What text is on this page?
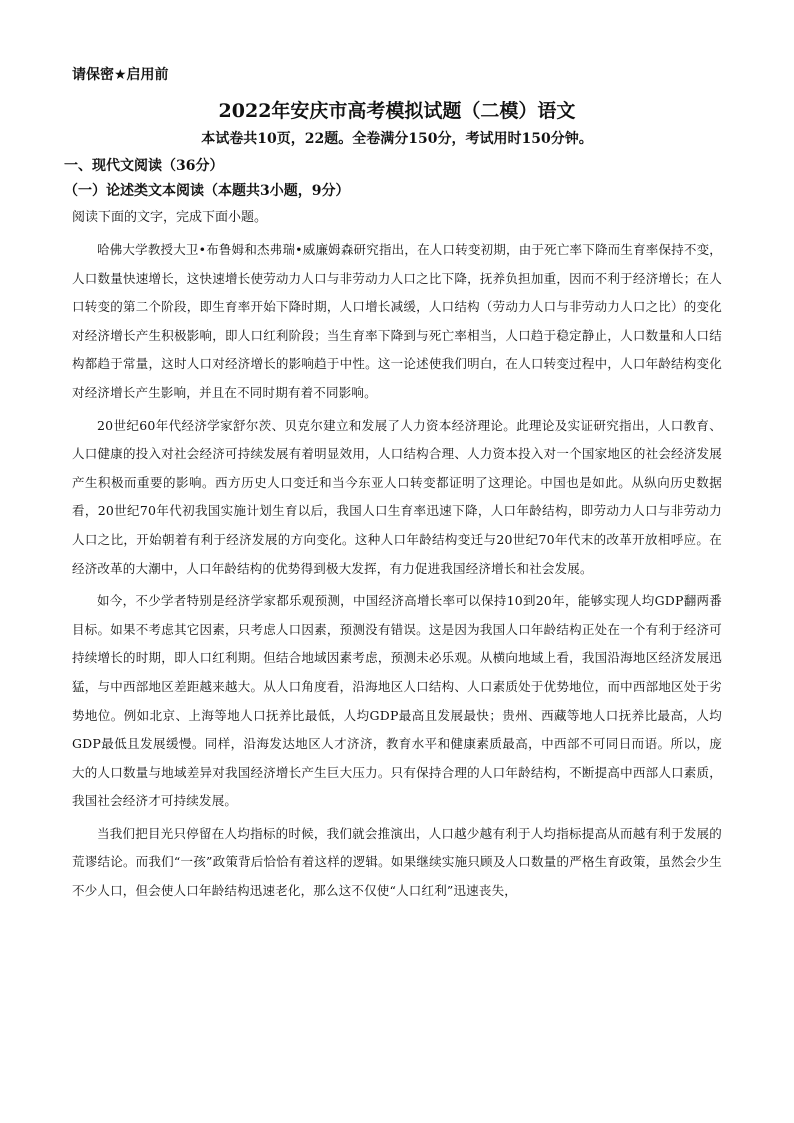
请保密★启用前
2022年安庆市高考模拟试题（二模）语文
本试卷共10页，22题。全卷满分150分，考试用时150分钟。
一、现代文阅读（36分）
（一）论述类文本阅读（本题共3小题，9分）
阅读下面的文字，完成下面小题。

哈佛大学教授大卫•布鲁姆和杰弗瑞•威廉姆森研究指出，在人口转变初期，由于死亡率下降而生育率保持不变，人口数量快速增长，这快速增长使劳动力人口与非劳动力人口之比下降，抚养负担加重，因而不利于经济增长；在人口转变的第二个阶段，即生育率开始下降时期，人口增长减缓，人口结构（劳动力人口与非劳动力人口之比）的变化对经济增长产生积极影响，即人口红利阶段；当生育率下降到与死亡率相当，人口趋于稳定静止，人口数量和人口结构都趋于常量，这时人口对经济增长的影响趋于中性。这一论述使我们明白，在人口转变过程中，人口年龄结构变化对经济增长产生影响，并且在不同时期有着不同影响。

20世纪60年代经济学家舒尔茨、贝克尔建立和发展了人力资本经济理论。此理论及实证研究指出，人口教育、人口健康的投入对社会经济可持续发展有着明显效用，人口结构合理、人力资本投入对一个国家地区的社会经济发展产生积极而重要的影响。西方历史人口变迁和当今东亚人口转变都证明了这理论。中国也是如此。从纵向历史数据看，20世纪70年代初我国实施计划生育以后，我国人口生育率迅速下降，人口年龄结构，即劳动力人口与非劳动力人口之比，开始朝着有利于经济发展的方向变化。这种人口年龄结构变迁与20世纪70年代末的改革开放相呼应。在经济改革的大潮中，人口年龄结构的优势得到极大发挥，有力促进我国经济增长和社会发展。

如今，不少学者特别是经济学家都乐观预测，中国经济高增长率可以保持10到20年，能够实现人均GDP翻两番目标。如果不考虑其它因素，只考虑人口因素，预测没有错误。这是因为我国人口年龄结构正处在一个有利于经济可持续增长的时期，即人口红利期。但结合地域因素考虑，预测未必乐观。从横向地域上看，我国沿海地区经济发展迅猛，与中西部地区差距越来越大。从人口角度看，沿海地区人口结构、人口素质处于优势地位，而中西部地区处于劣势地位。例如北京、上海等地人口抚养比最低，人均GDP最高且发展最快；贵州、西藏等地人口抚养比最高，人均GDP最低且发展缓慢。同样，沿海发达地区人才济济，教育水平和健康素质最高，中西部不可同日而语。所以，庞大的人口数量与地域差异对我国经济增长产生巨大压力。只有保持合理的人口年龄结构，不断提高中西部人口素质，我国社会经济才可持续发展。

当我们把目光只停留在人均指标的时候，我们就会推演出，人口越少越有利于人均指标提高从而越有利于发展的荒谬结论。而我们“一孩”政策背后恰恰有着这样的逻辑。如果继续实施只顾及人口数量的严格生育政策，虽然会少生不少人口，但会使人口年龄结构迅速老化，那么这不仅使“人口红利”迅速丧失，
